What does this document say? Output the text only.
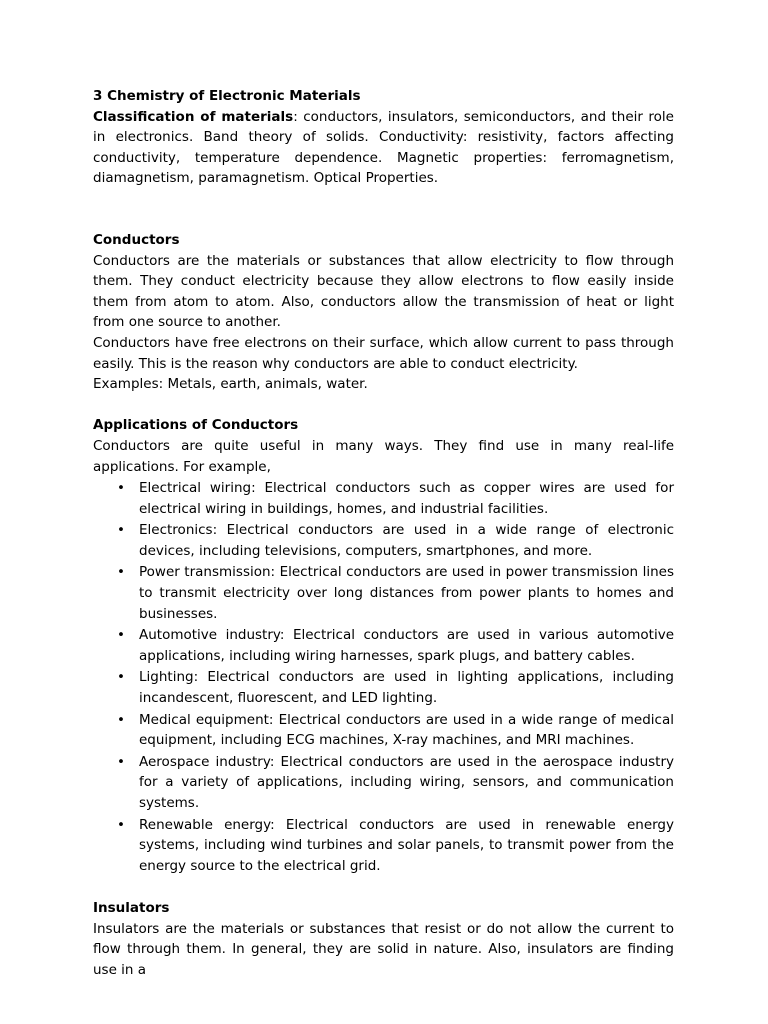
3 Chemistry of Electronic Materials

Classification of materials: conductors, insulators, semiconductors, and their role in electronics. Band theory of solids. Conductivity: resistivity, factors affecting conductivity, temperature dependence. Magnetic properties: ferromagnetism, diamagnetism, paramagnetism. Optical Properties.

Conductors

Conductors are the materials or substances that allow electricity to flow through them. They conduct electricity because they allow electrons to flow easily inside them from atom to atom. Also, conductors allow the transmission of heat or light from one source to another.

Conductors have free electrons on their surface, which allow current to pass through easily. This is the reason why conductors are able to conduct electricity.

Examples: Metals, earth, animals, water.

Applications of Conductors

Conductors are quite useful in many ways. They find use in many real-life applications. For example,

• Electrical wiring: Electrical conductors such as copper wires are used for electrical wiring in buildings, homes, and industrial facilities.
• Electronics: Electrical conductors are used in a wide range of electronic devices, including televisions, computers, smartphones, and more.
• Power transmission: Electrical conductors are used in power transmission lines to transmit electricity over long distances from power plants to homes and businesses.
• Automotive industry: Electrical conductors are used in various automotive applications, including wiring harnesses, spark plugs, and battery cables.
• Lighting: Electrical conductors are used in lighting applications, including incandescent, fluorescent, and LED lighting.
• Medical equipment: Electrical conductors are used in a wide range of medical equipment, including ECG machines, X-ray machines, and MRI machines.
• Aerospace industry: Electrical conductors are used in the aerospace industry for a variety of applications, including wiring, sensors, and communication systems.
• Renewable energy: Electrical conductors are used in renewable energy systems, including wind turbines and solar panels, to transmit power from the energy source to the electrical grid.

Insulators

Insulators are the materials or substances that resist or do not allow the current to flow through them. In general, they are solid in nature. Also, insulators are finding use in a
